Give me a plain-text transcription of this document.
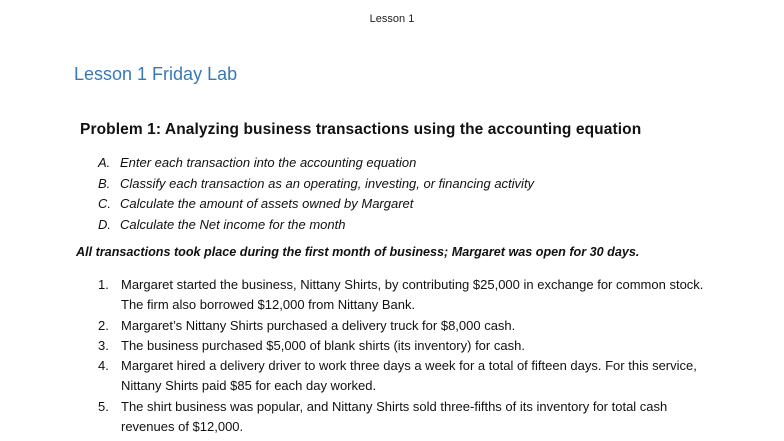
Lesson 1
Lesson 1 Friday Lab
Problem 1: Analyzing business transactions using the accounting equation
A. Enter each transaction into the accounting equation
B. Classify each transaction as an operating, investing, or financing activity
C. Calculate the amount of assets owned by Margaret
D. Calculate the Net income for the month
All transactions took place during the first month of business; Margaret was open for 30 days.
1. Margaret started the business, Nittany Shirts, by contributing $25,000 in exchange for common stock. The firm also borrowed $12,000 from Nittany Bank.
2. Margaret’s Nittany Shirts purchased a delivery truck for $8,000 cash.
3. The business purchased $5,000 of blank shirts (its inventory) for cash.
4. Margaret hired a delivery driver to work three days a week for a total of fifteen days. For this service, Nittany Shirts paid $85 for each day worked.
5. The shirt business was popular, and Nittany Shirts sold three-fifths of its inventory for total cash revenues of $12,000.
